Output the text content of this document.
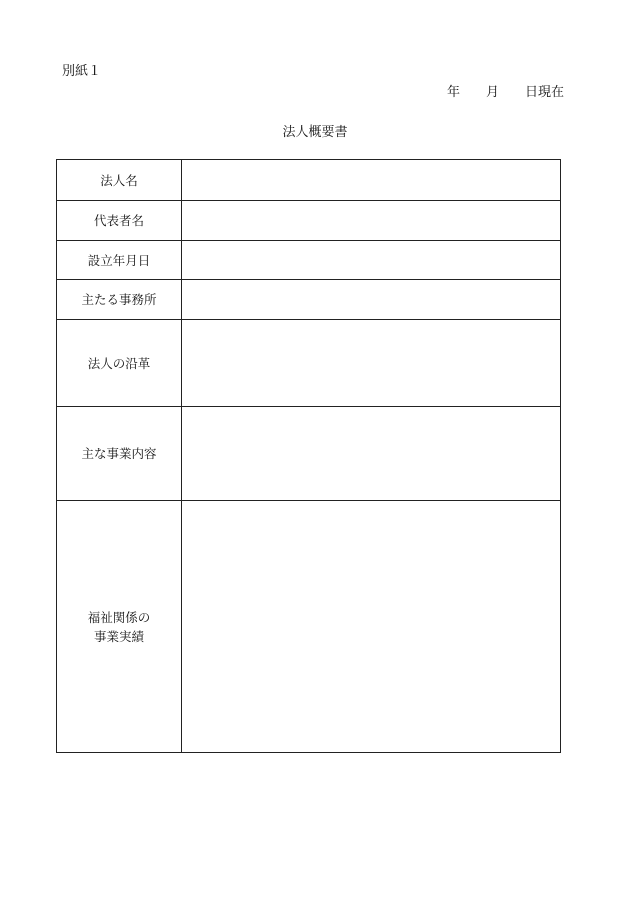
別紙１
年　　月　　日現在
法人概要書
法人名	

代表者名	

設立年月日	

主たる事務所	

法人の沿革	

主な事業内容	

福祉関係の
事業実績	
